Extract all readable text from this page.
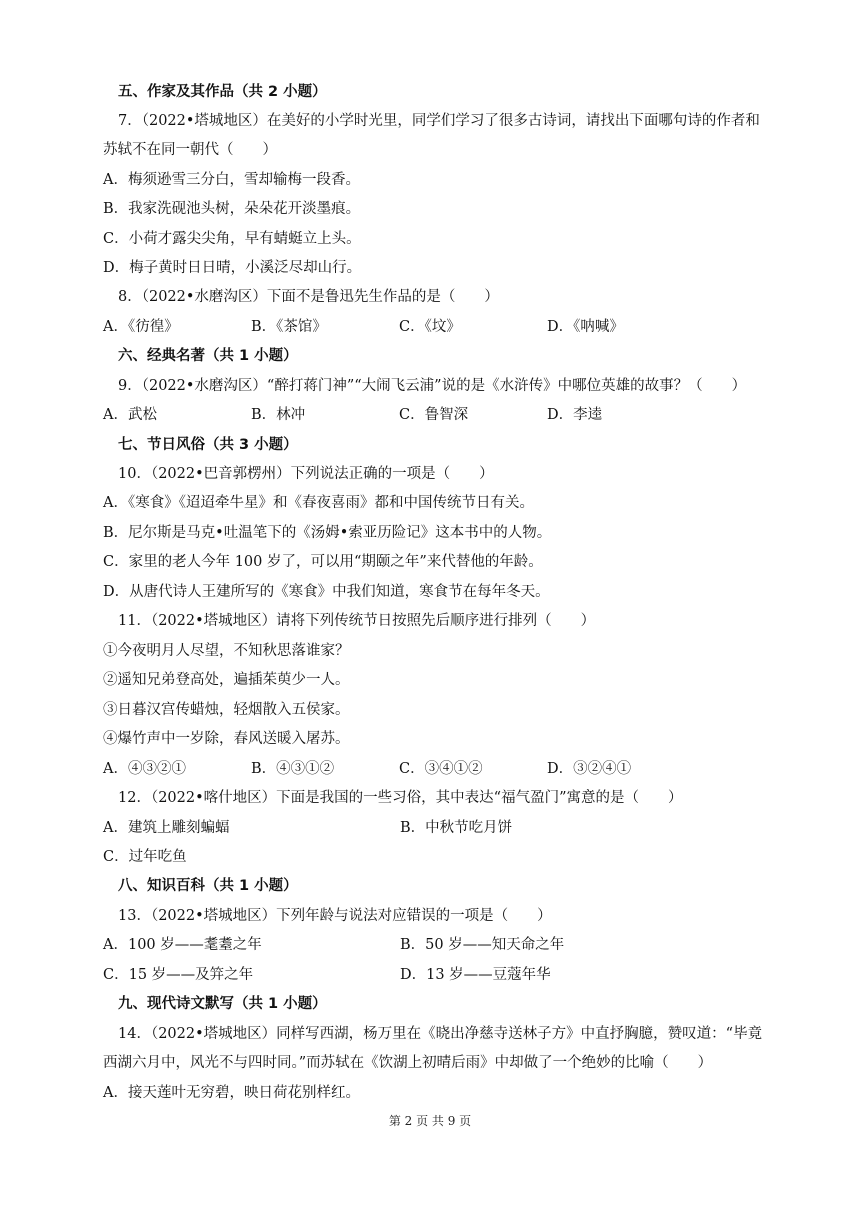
五、作家及其作品（共 2 小题）
7．（2022•塔城地区）在美好的小学时光里，同学们学习了很多古诗词，请找出下面哪句诗的作者和
苏轼不在同一朝代（　　）
A．梅须逊雪三分白，雪却输梅一段香。
B．我家洗砚池头树，朵朵花开淡墨痕。
C．小荷才露尖尖角，早有蜻蜓立上头。
D．梅子黄时日日晴，小溪泛尽却山行。
8．（2022•水磨沟区）下面不是鲁迅先生作品的是（　　）
A．《彷徨》	B．《茶馆》	C．《坟》	D．《呐喊》
六、经典名著（共 1 小题）
9．（2022•水磨沟区）“醉打蒋门神”“大闹飞云浦”说的是《水浒传》中哪位英雄的故事？（　　）
A．武松	B．林冲	C．鲁智深	D．李逵
七、节日风俗（共 3 小题）
10．（2022•巴音郭楞州）下列说法正确的一项是（　　）
A．《寒食》《迢迢牵牛星》和《春夜喜雨》都和中国传统节日有关。
B．尼尔斯是马克•吐温笔下的《汤姆•索亚历险记》这本书中的人物。
C．家里的老人今年 100 岁了，可以用“期颐之年”来代替他的年龄。
D．从唐代诗人王建所写的《寒食》中我们知道，寒食节在每年冬天。
11．（2022•塔城地区）请将下列传统节日按照先后顺序进行排列（　　）
①今夜明月人尽望，不知秋思落谁家？
②遥知兄弟登高处，遍插茱萸少一人。
③日暮汉宫传蜡烛，轻烟散入五侯家。
④爆竹声中一岁除，春风送暖入屠苏。
A．④③②①	B．④③①②	C．③④①②	D．③②④①
12．（2022•喀什地区）下面是我国的一些习俗，其中表达“福气盈门”寓意的是（　　）
A．建筑上雕刻蝙蝠	B．中秋节吃月饼
C．过年吃鱼
八、知识百科（共 1 小题）
13．（2022•塔城地区）下列年龄与说法对应错误的一项是（　　）
A．100 岁——耄耋之年	B．50 岁——知天命之年
C．15 岁——及笄之年	D．13 岁——豆蔻年华
九、现代诗文默写（共 1 小题）
14．（2022•塔城地区）同样写西湖，杨万里在《晓出净慈寺送林子方》中直抒胸臆，赞叹道：“毕竟
西湖六月中，风光不与四时同。”而苏轼在《饮湖上初晴后雨》中却做了一个绝妙的比喻（　　）
A．接天莲叶无穷碧，映日荷花别样红。
第 2 页 共 9 页
